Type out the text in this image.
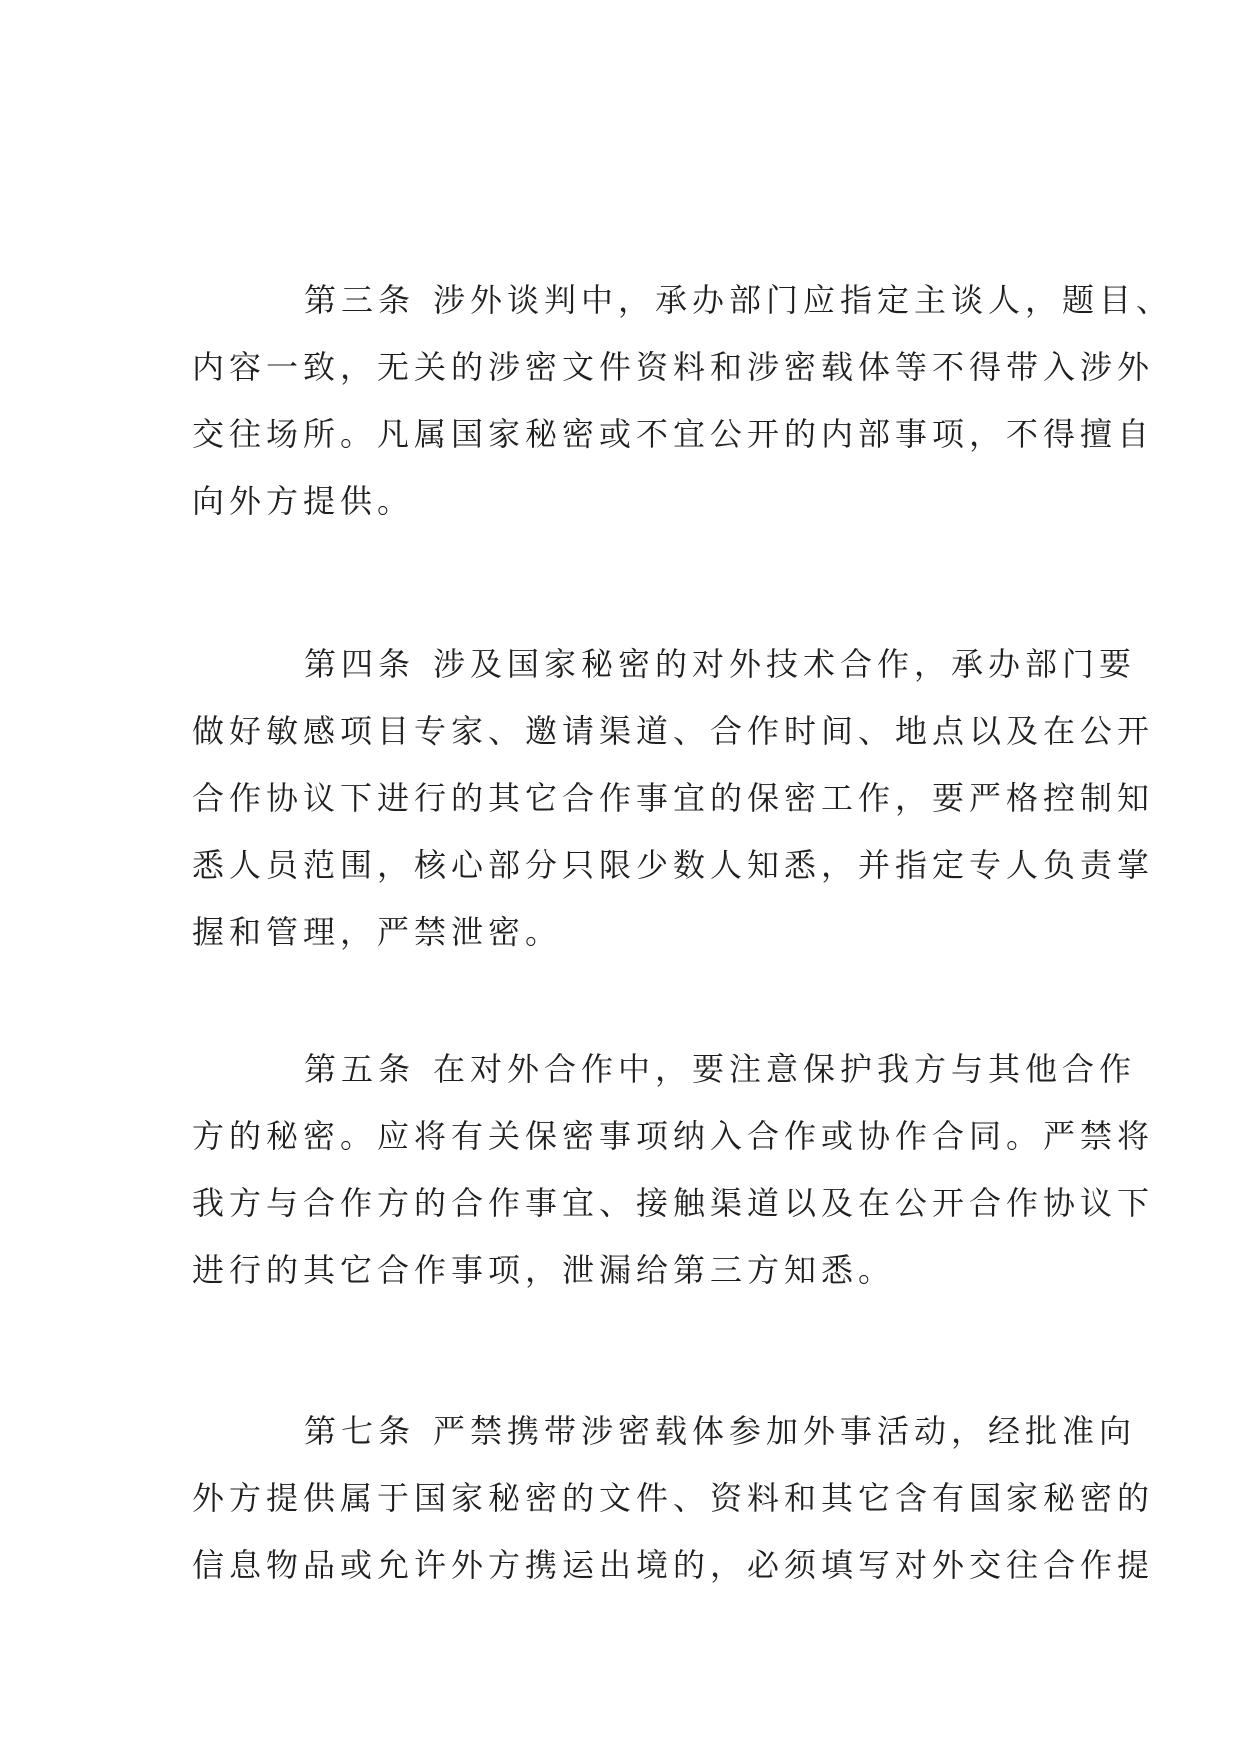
第三条 涉外谈判中，承办部门应指定主谈人，题目、
内容一致，无关的涉密文件资料和涉密载体等不得带入涉外
交往场所。凡属国家秘密或不宜公开的内部事项，不得擅自
向外方提供。
第四条 涉及国家秘密的对外技术合作，承办部门要
做好敏感项目专家、邀请渠道、合作时间、地点以及在公开
合作协议下进行的其它合作事宜的保密工作，要严格控制知
悉人员范围，核心部分只限少数人知悉，并指定专人负责掌
握和管理，严禁泄密。
第五条 在对外合作中，要注意保护我方与其他合作
方的秘密。应将有关保密事项纳入合作或协作合同。严禁将
我方与合作方的合作事宜、接触渠道以及在公开合作协议下
进行的其它合作事项，泄漏给第三方知悉。
第七条 严禁携带涉密载体参加外事活动，经批准向
外方提供属于国家秘密的文件、资料和其它含有国家秘密的
信息物品或允许外方携运出境的，必须填写对外交往合作提
